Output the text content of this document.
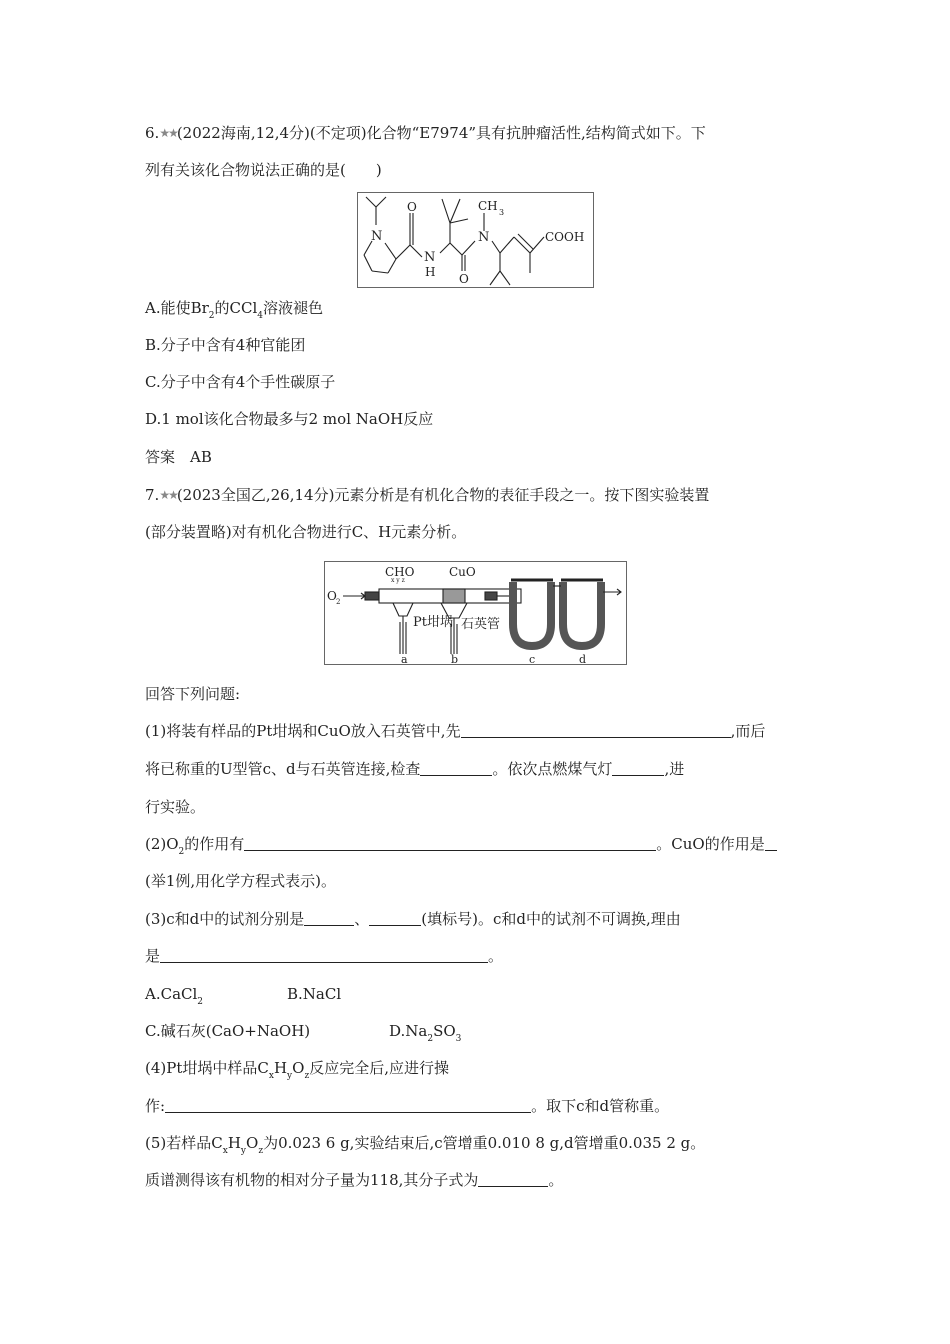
6.★★(2022海南,12,4分)(不定项)化合物“E7974”具有抗肿瘤活性,结构简式如下。下
列有关该化合物说法正确的是(　　)
N
O
N
H O
N
CH 3
COOH
A.能使$Br_2$的CCl$_4$溶液褪色
B.分子中含有4种官能团
C.分子中含有4个手性碳原子
D.1 mol该化合物最多与2 mol NaOH反应
答案　AB
7.★★(2023全国乙,26,14分)元素分析是有机化合物的表征手段之一。按下图实验装置
(部分装置略)对有机化合物进行C、H元素分析。
O 2
CHO
x y z
CuO
Pt坩埚 石英管
a	b	c	d
回答下列问题:
(1)将装有样品的Pt坩埚和CuO放入石英管中,先	,而后
将已称重的U型管c、d与石英管连接,检查	。依次点燃煤气灯	,进
行实验。
$(2)O_2$的作用有	。CuO的作用是
(举1例,用化学方程式表示)。
(3)c和d中的试剂分别是	、	(填标号)。c和d中的试剂不可调换,理由
是	。
A.CaCl$_2$	B.NaCl
C.碱石灰(CaO+NaOH)	$D.Na_2SO_3$
(4)Pt坩埚中样品$C_xH_yO_z$反应完全后,应进行操
作:	。取下c和d管称重。
(5)若样品$C_xH_yO_z$为0.023 6 g,实验结束后,c管增重0.010 8 g,d管增重0.035 2 g。
质谱测得该有机物的相对分子量为118,其分子式为	。
